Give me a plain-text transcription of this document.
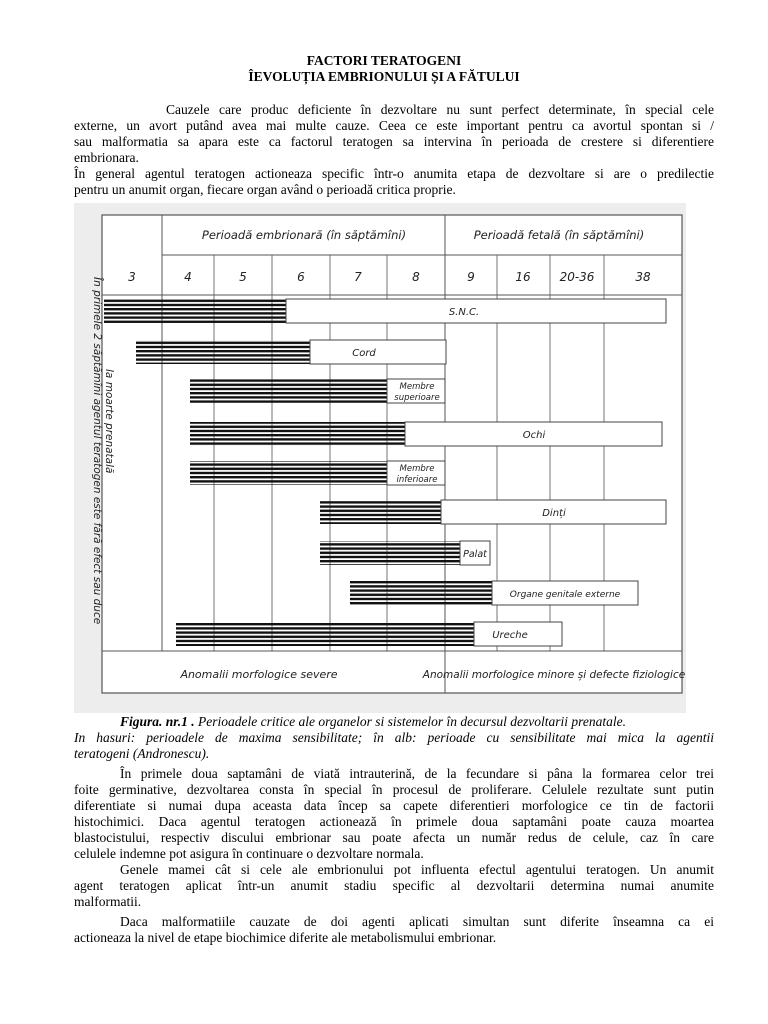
FACTORI TERATOGENI
ÎEVOLUȚIA EMBRIONULUI ȘI A FĂTULUI
Cauzele care produc deficiente în dezvoltare nu sunt perfect determinate, în special cele
externe, un avort putând avea mai multe cauze. Ceea ce este important pentru ca avortul spontan si /
sau malformatia sa apara este ca factorul teratogen sa intervina în perioada de crestere si diferentiere
embrionara.
În general agentul teratogen actioneaza specific într-o anumita etapa de dezvoltare si are o predilectie
pentru un anumit organ, fiecare organ având o perioadă critica proprie.
Perioadă embrionară (în săptămîni)	Perioadă fetală (în săptămîni)
3	4	5	6	7	8	9	16 20-36	38
În primele 2 săptămîni agentul teratogen este fără efect sau duce la moarte prenatală
S.N.C.
Cord
Membre
superioare
Ochi
Membre
inferioare
Dinți
Palat
Organe genitale externe
Ureche
Anomalii morfologice severe	Anomalii morfologice minore și defecte fiziologice
Figura. nr.1 . Perioadele critice ale organelor si sistemelor în decursul dezvoltarii prenatale.
In hasuri: perioadele de maxima sensibilitate; în alb: perioade cu sensibilitate mai mica la agentii
teratogeni (Andronescu).
În primele doua saptamâni de viată intrauterină, de la fecundare si pâna la formarea celor trei
foite germinative, dezvoltarea consta în special în procesul de proliferare. Celulele rezultate sunt putin
diferentiate si numai dupa aceasta data încep sa capete diferentieri morfologice ce tin de factorii
histochimici. Daca agentul teratogen actionează în primele doua saptamâni poate cauza moartea
blastocistului, respectiv discului embrionar sau poate afecta un număr redus de celule, caz în care
celulele indemne pot asigura în continuare o dezvoltare normala.
Genele mamei cât si cele ale embrionului pot influenta efectul agentului teratogen. Un anumit
agent teratogen aplicat într-un anumit stadiu specific al dezvoltarii determina numai anumite
malformatii.
Daca malformatiile cauzate de doi agenti aplicati simultan sunt diferite înseamna ca ei
actioneaza la nivel de etape biochimice diferite ale metabolismului embrionar.
